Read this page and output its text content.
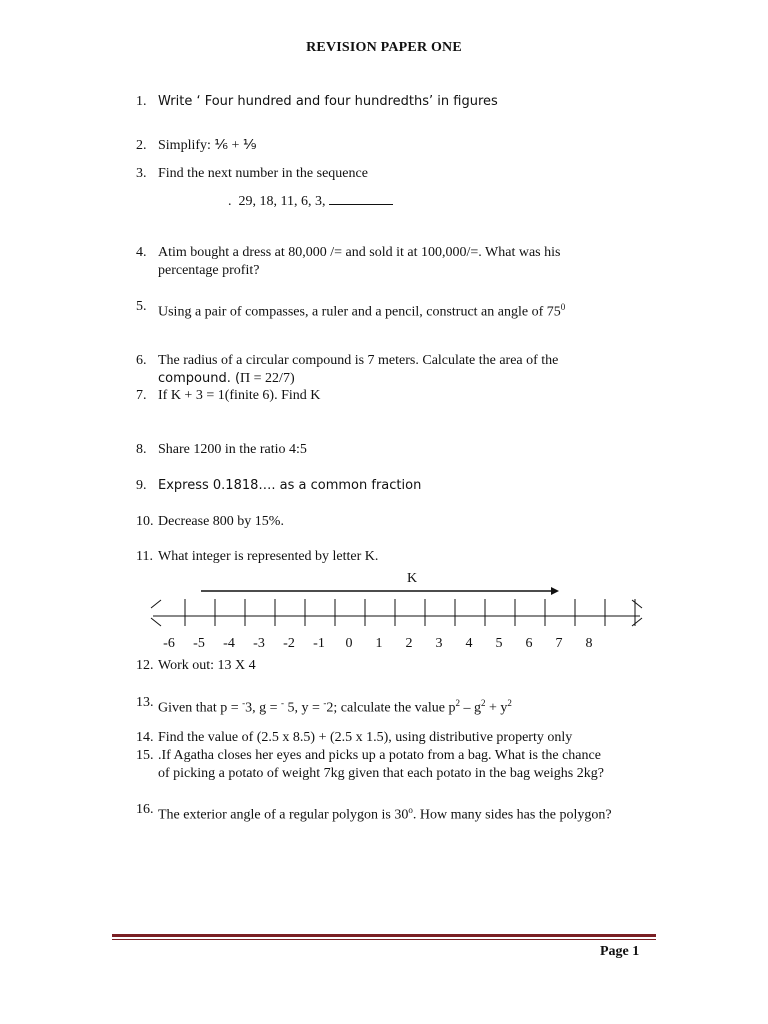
REVISION PAPER ONE
1. Write ‘ Four hundred and four hundredths’ in figures
2. Simplify: ⅙ + ⅑
3. Find the next number in the sequence
. 29, 18, 11, 6, 3,
4. Atim bought a dress at 80,000 /= and sold it at 100,000/=. What was his
percentage profit?
5. Using a pair of compasses, a ruler and a pencil, construct an angle of $75^0$
6. The radius of a circular compound is 7 meters. Calculate the area of the
compound. (Π = 22/7)
7. If K + 3 = 1(finite 6). Find K
8. Share 1200 in the ratio 4:5
9. Express 0.1818…. as a common fraction
10. Decrease 800 by 15%.
11. What integer is represented by letter K.
-6 -5 -4 -3 -2 -1 0 1 2 3 4 5 6 7 8
K
12. Work out: 13 X 4
13. Given that p = -3, g = - 5, y = -2; calculate the value $p^2 - g^2 + y^2$
14. Find the value of (2.5 x 8.5) + (2.5 x 1.5), using distributive property only
15. .If Agatha closes her eyes and picks up a potato from a bag. What is the chance
of picking a potato of weight 7kg given that each potato in the bag weighs 2kg?
16. The exterior angle of a regular polygon is 30$^o$. How many sides has the polygon?
Page 1
